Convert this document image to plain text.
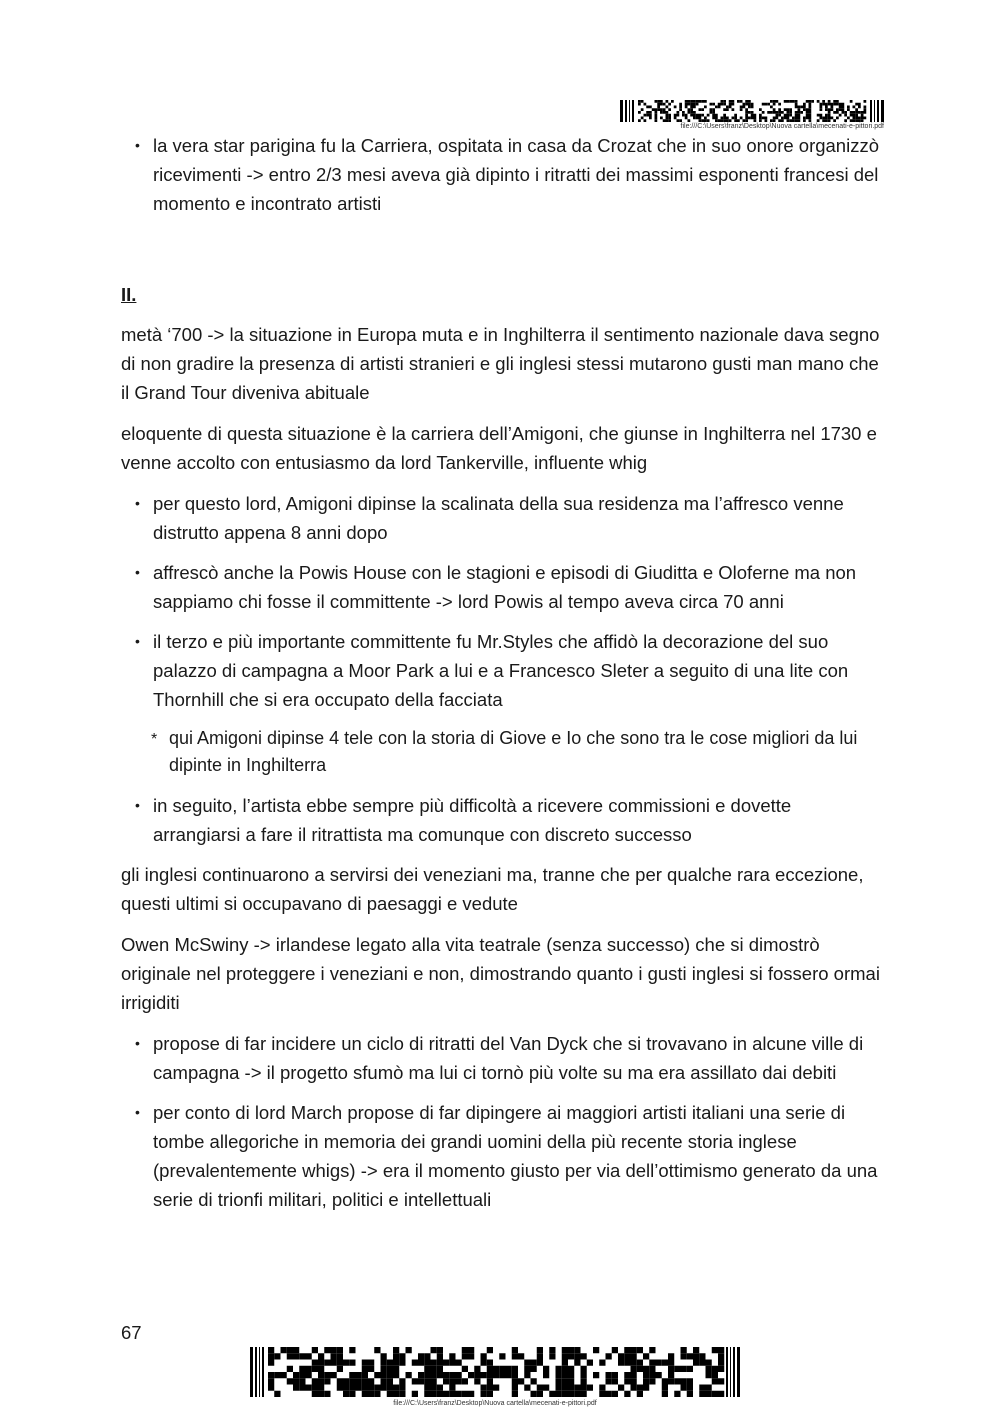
file:///C:\Users\franz\Desktop\Nuova cartella\mecenati-e-pittori.pdf
• la vera star parigina fu la Carriera, ospitata in casa da Crozat che in suo onore organizzò ricevimenti -> entro 2/3 mesi aveva già dipinto i ritratti dei massimi esponenti francesi del momento e incontrato artisti

II.

metà ‘700 -> la situazione in Europa muta e in Inghilterra il sentimento nazionale dava segno di non gradire la presenza di artisti stranieri e gli inglesi stessi mutarono gusti man mano che il Grand Tour diveniva abituale

eloquente di questa situazione è la carriera dell’Amigoni, che giunse in Inghilterra nel 1730 e venne accolto con entusiasmo da lord Tankerville, influente whig

• per questo lord, Amigoni dipinse la scalinata della sua residenza ma l’affresco venne distrutto appena 8 anni dopo
• affrescò anche la Powis House con le stagioni e episodi di Giuditta e Oloferne ma non sappiamo chi fosse il committente -> lord Powis al tempo aveva circa 70 anni
• il terzo e più importante committente fu Mr.Styles che affidò la decorazione del suo palazzo di campagna a Moor Park a lui e a Francesco Sleter a seguito di una lite con Thornhill che si era occupato della facciata
* qui Amigoni dipinse 4 tele con la storia di Giove e Io che sono tra le cose migliori da lui dipinte in Inghilterra
• in seguito, l’artista ebbe sempre più difficoltà a ricevere commissioni e dovette arrangiarsi a fare il ritrattista ma comunque con discreto successo

gli inglesi continuarono a servirsi dei veneziani ma, tranne che per qualche rara eccezione, questi ultimi si occupavano di paesaggi e vedute

Owen McSwiny -> irlandese legato alla vita teatrale (senza successo) che si dimostrò originale nel proteggere i veneziani e non, dimostrando quanto i gusti inglesi si fossero ormai irrigiditi

• propose di far incidere un ciclo di ritratti del Van Dyck che si trovavano in alcune ville di campagna -> il progetto sfumò ma lui ci tornò più volte su ma era assillato dai debiti
• per conto di lord March propose di far dipingere ai maggiori artisti italiani una serie di tombe allegoriche in memoria dei grandi uomini della più recente storia inglese (prevalentemente whigs) -> era il momento giusto per via dell’ottimismo generato da una serie di trionfi militari, politici e intellettuali
67
file:///C:\Users\franz\Desktop\Nuova cartella\mecenati-e-pittori.pdf
